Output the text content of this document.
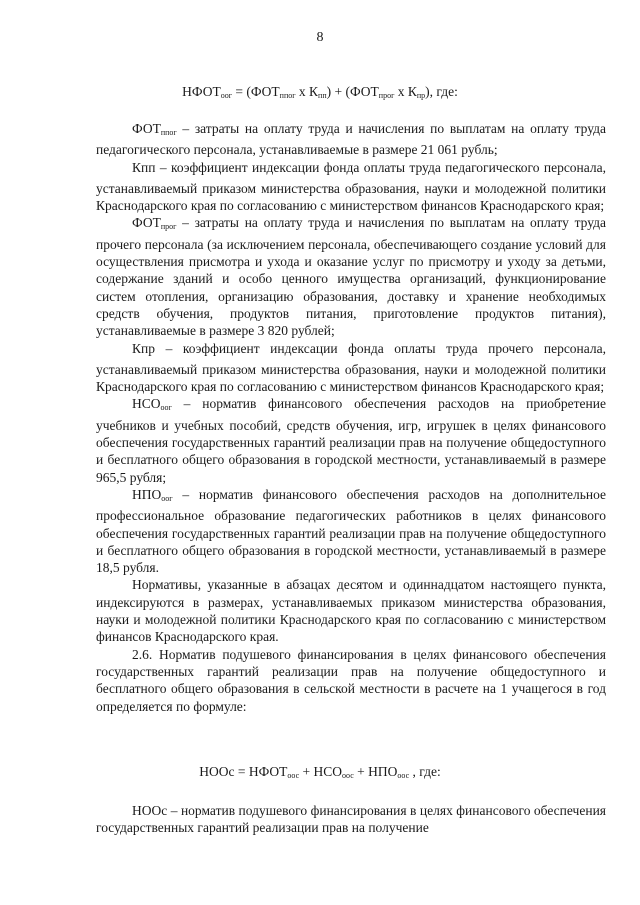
8
$НФОТ_{оог} = (ФОТ_{ппог}$ х $К_{пп}) + (ФОТ_{прог}$ х $К_{пр}$), где:

$ФОТ_{ппог}$ – затраты на оплату труда и начисления по выплатам на оплату труда педагогического персонала, устанавливаемые в размере 21 061 рубль;

Кпп – коэффициент индексации фонда оплаты труда педагогического персонала, устанавливаемый приказом министерства образования, науки и молодежной политики Краснодарского края по согласованию с министерством финансов Краснодарского края;

$ФОТ_{прог}$ – затраты на оплату труда и начисления по выплатам на оплату труда прочего персонала (за исключением персонала, обеспечивающего создание условий для осуществления присмотра и ухода и оказание услуг по присмотру и уходу за детьми, содержание зданий и особо ценного имущества организаций, функционирование систем отопления, организацию образования, доставку и хранение необходимых средств обучения, продуктов питания, приготовление продуктов питания), устанавливаемые в размере 3 820 рублей;

Кпр – коэффициент индексации фонда оплаты труда прочего персонала, устанавливаемый приказом министерства образования, науки и молодежной политики Краснодарского края по согласованию с министерством финансов Краснодарского края;

$НСО_{оог}$ – норматив финансового обеспечения расходов на приобретение учебников и учебных пособий, средств обучения, игр, игрушек в целях финансового обеспечения государственных гарантий реализации прав на получение общедоступного и бесплатного общего образования в городской местности, устанавливаемый в размере 965,5 рубля;

$НПО_{оог}$ – норматив финансового обеспечения расходов на дополнительное профессиональное образование педагогических работников в целях финансового обеспечения государственных гарантий реализации прав на получение общедоступного и бесплатного общего образования в городской местности, устанавливаемый в размере 18,5 рубля.

Нормативы, указанные в абзацах десятом и одиннадцатом настоящего пункта, индексируются в размерах, устанавливаемых приказом министерства образования, науки и молодежной политики Краснодарского края по согласованию с министерством финансов Краснодарского края.

2.6. Норматив подушевого финансирования в целях финансового обеспечения государственных гарантий реализации прав на получение общедоступного и бесплатного общего образования в сельской местности в расчете на 1 учащегося в год определяется по формуле:

НООс = $НФОТ_{оос} + НСО_{оос} + НПО_{оос}$ , где:

НООс – норматив подушевого финансирования в целях финансового обеспечения государственных гарантий реализации прав на получение
